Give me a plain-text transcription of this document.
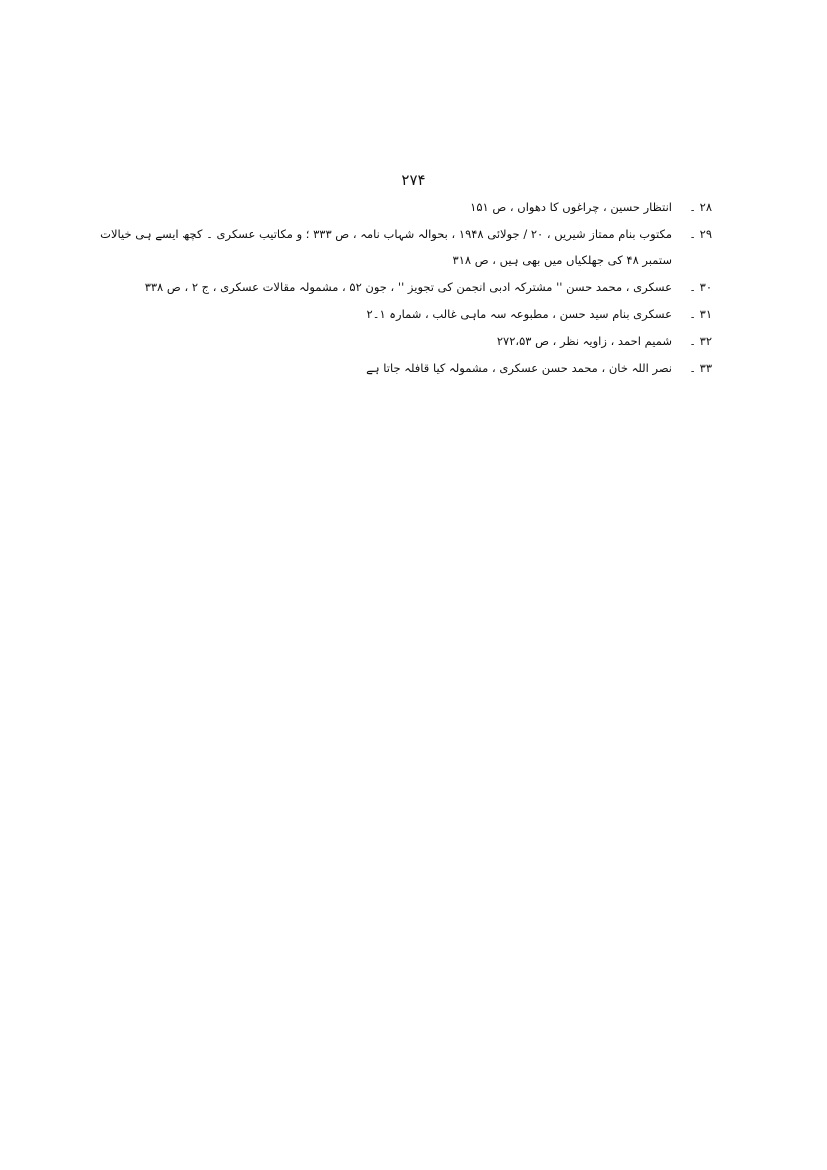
۲۷۴
۲۸ ۔
انتظار حسین ، چراغوں کا دھواں ، ص ۱۵۱
۲۹ ۔
مکتوب بنام ممتاز شیریں ، ۲۰ / جولائی ۱۹۴۸ ، بحوالہ شہاب نامہ ، ص ۳۳۳ ؛ و مکاتیب عسکری ۔ کچھ ایسے ہی خیالات
ستمبر ۴۸ کی جھلکیاں میں بھی ہیں ، ص ۳۱۸
۳۰ ۔
عسکری ، محمد حسن '' مشترکہ ادبی انجمن کی تجویز '' ، جون ۵۲ ، مشمولہ مقالات عسکری ، ج ۲ ، ص ۳۳۸
۳۱ ۔
عسکری بنام سید حسن ، مطبوعہ سہ ماہی غالب ، شمارہ ۱۔۲
۳۲ ۔
شمیم احمد ، زاویہ نظر ، ص ۲۷۲،۵۳
۳۳ ۔
نصر اللہ خان ، محمد حسن عسکری ، مشمولہ کیا قافلہ جاتا ہے
